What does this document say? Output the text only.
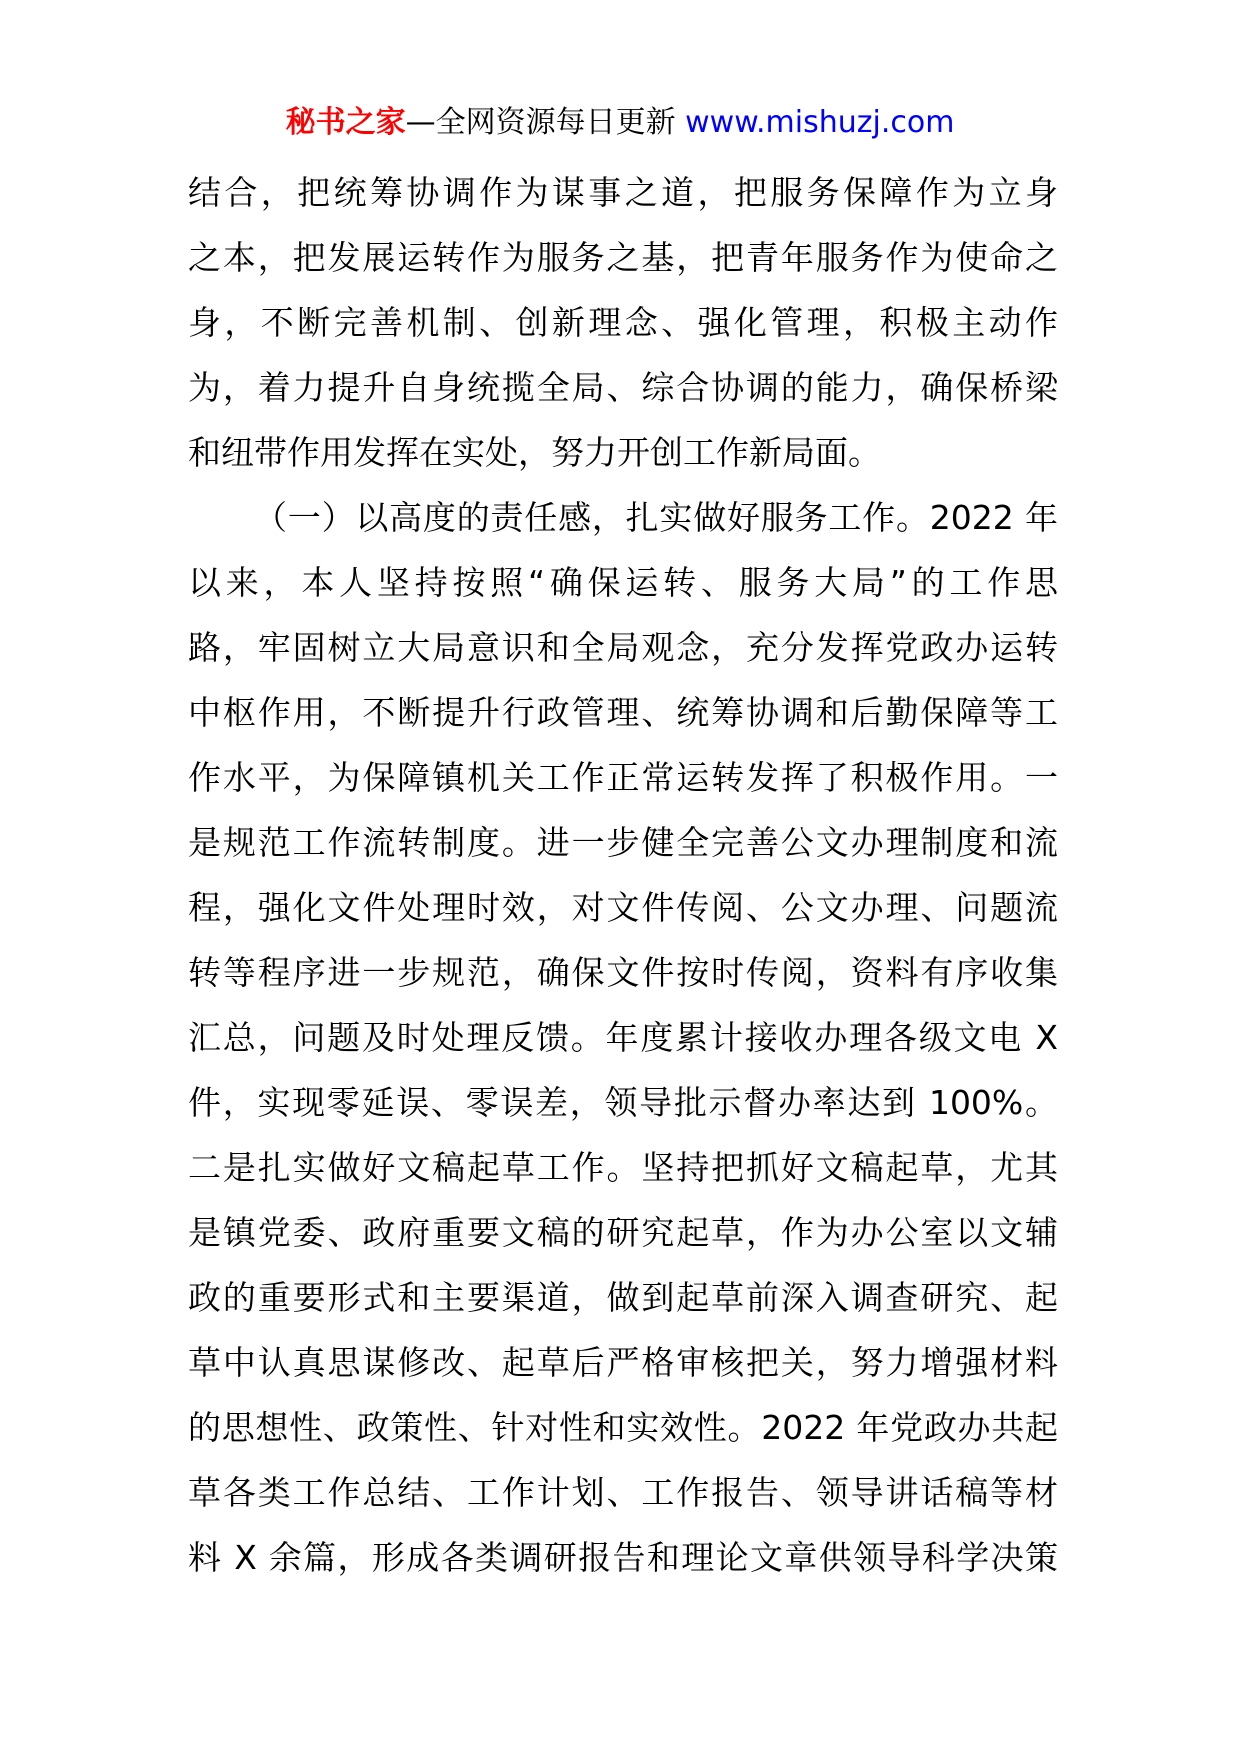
秘书之家—全网资源每日更新 www.mishuzj.com
结合，把统筹协调作为谋事之道，把服务保障作为立身
之本，把发展运转作为服务之基，把青年服务作为使命之
身，不断完善机制、创新理念、强化管理，积极主动作
为，着力提升自身统揽全局、综合协调的能力，确保桥梁
和纽带作用发挥在实处，努力开创工作新局面。
（一）以高度的责任感，扎实做好服务工作。2022 年
以来，本人坚持按照“确保运转、服务大局”的工作思
路，牢固树立大局意识和全局观念，充分发挥党政办运转
中枢作用，不断提升行政管理、统筹协调和后勤保障等工
作水平，为保障镇机关工作正常运转发挥了积极作用。一
是规范工作流转制度。进一步健全完善公文办理制度和流
程，强化文件处理时效，对文件传阅、公文办理、问题流
转等程序进一步规范，确保文件按时传阅，资料有序收集
汇总，问题及时处理反馈。年度累计接收办理各级文电 X
件，实现零延误、零误差，领导批示督办率达到 100%。
二是扎实做好文稿起草工作。坚持把抓好文稿起草，尤其
是镇党委、政府重要文稿的研究起草，作为办公室以文辅
政的重要形式和主要渠道，做到起草前深入调查研究、起
草中认真思谋修改、起草后严格审核把关，努力增强材料
的思想性、政策性、针对性和实效性。2022 年党政办共起
草各类工作总结、工作计划、工作报告、领导讲话稿等材
料 X 余篇，形成各类调研报告和理论文章供领导科学决策
